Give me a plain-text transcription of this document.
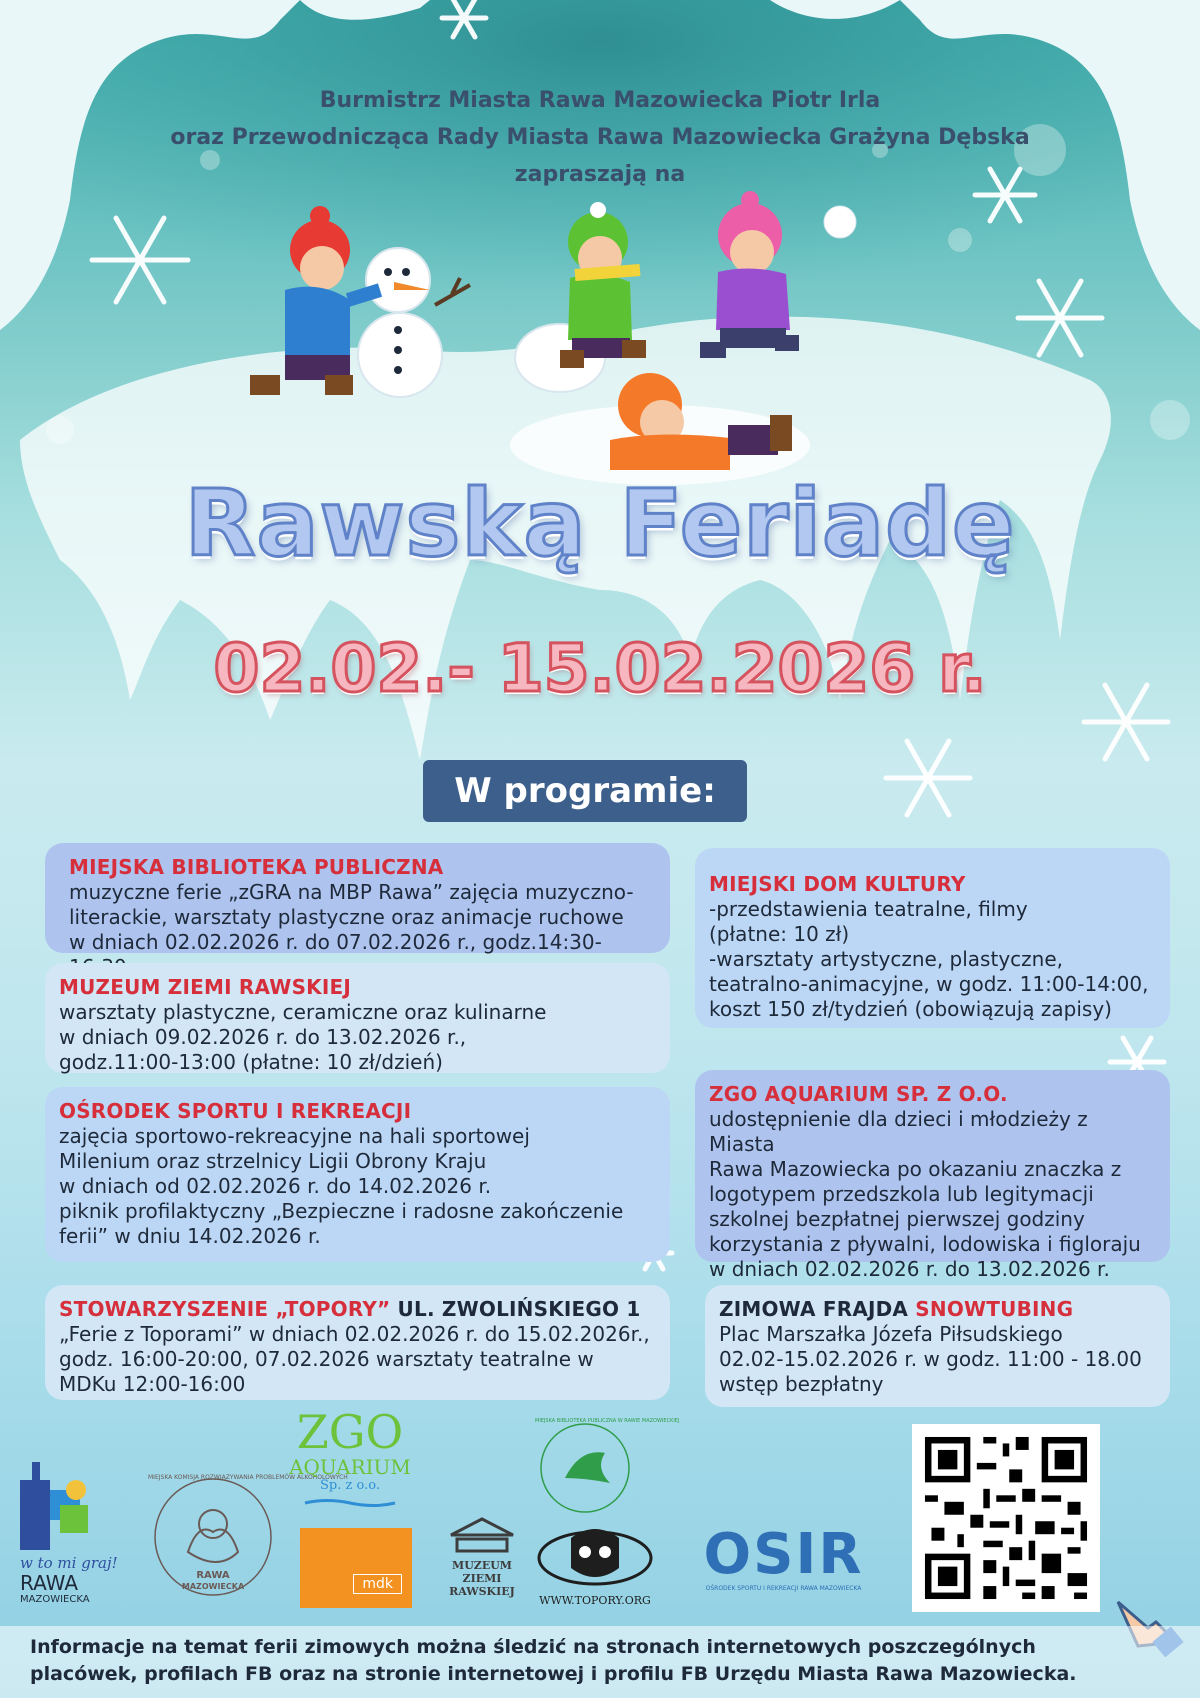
Burmistrz Miasta Rawa Mazowiecka Piotr Irla
oraz Przewodnicząca Rady Miasta Rawa Mazowiecka Grażyna Dębska
zapraszają na
Rawską Feriadę
02.02.- 15.02.2026 r.
W programie:
MIEJSKA BIBLIOTEKA PUBLICZNA
muzyczne ferie „zGRA na MBP Rawa” zajęcia muzyczno-
literackie, warsztaty plastyczne oraz animacje ruchowe
w dniach 02.02.2026 r. do 07.02.2026 r., godz.14:30-
MUZEUM ZIEMI RAWSKIEJ
warsztaty plastyczne, ceramiczne oraz kulinarne
w dniach 09.02.2026 r. do 13.02.2026 r.,
godz.11:00-13:00 (płatne: 10 zł/dzień)
OŚRODEK SPORTU I REKREACJI
zajęcia sportowo-rekreacyjne na hali sportowej
Milenium oraz strzelnicy Ligii Obrony Kraju
w dniach od 02.02.2026 r. do 14.02.2026 r.
piknik profilaktyczny „Bezpieczne i radosne zakończenie
ferii” w dniu 14.02.2026 r.
STOWARZYSZENIE „TOPORY” UL. ZWOLIŃSKIEGO 1
„Ferie z Toporami” w dniach 02.02.2026 r. do 15.02.2026r.,
godz. 16:00-20:00, 07.02.2026 warsztaty teatralne w
MDKu 12:00-16:00
MIEJSKI DOM KULTURY
-przedstawienia teatralne, filmy
(płatne: 10 zł)
-warsztaty artystyczne, plastyczne,
teatralno-animacyjne, w godz. 11:00-14:00,
koszt 150 zł/tydzień (obowiązują zapisy)
ZGO AQUARIUM SP. Z O.O.
udostępnienie dla dzieci i młodzieży z Miasta
Rawa Mazowiecka po okazaniu znaczka z
logotypem przedszkola lub legitymacji
szkolnej bezpłatnej pierwszej godziny
korzystania z pływalni, lodowiska i figloraju
w dniach 02.02.2026 r. do 13.02.2026 r.
ZIMOWA FRAJDA SNOWTUBING
Plac Marszałka Józefa Piłsudskiego
02.02-15.02.2026 r. w godz. 11:00 - 18.00
wstęp bezpłatny
w to mi graj!
RAWA
MAZOWIECKA
MIEJSKA KOMISJA ROZWIĄZYWANIA PROBLEMÓW ALKOHOLOWYCH
RAWA
MAZOWIECKA
ZGO
AQUARIUM
Sp. z o.o.
mdk
MUZEUM
ZIEMI
RAWSKIEJ
WWW.TOPORY.ORG
MIEJSKA BIBLIOTEKA PUBLICZNA W RAWIE MAZOWIECKIEJ
OSIR
OŚRODEK SPORTU I REKREACJI RAWA MAZOWIECKA
Informacje na temat ferii zimowych można śledzić na stronach internetowych poszczególnych
placówek, profilach FB oraz na stronie internetowej i profilu FB Urzędu Miasta Rawa Mazowiecka.
